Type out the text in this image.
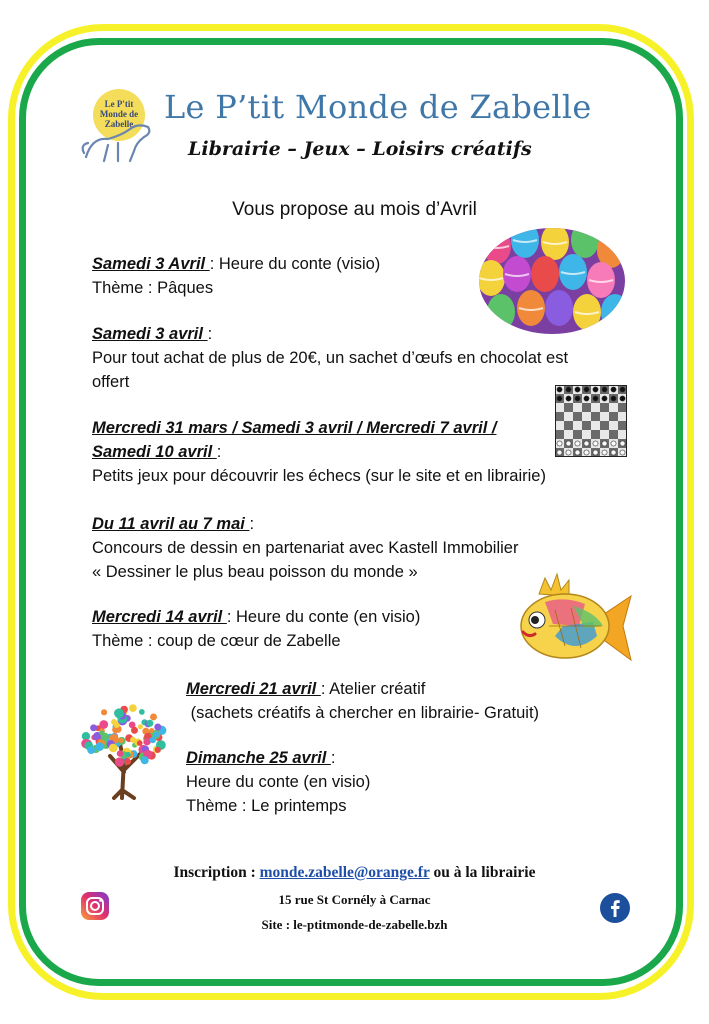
Le P'tit
Monde de
Zabelle Le P’tit Monde de Zabelle
Librairie – Jeux – Loisirs créatifs
Vous propose au mois d’Avril

Samedi 3 Avril : Heure du conte (visio)

Thème : Pâques

Samedi 3 avril :

Pour tout achat de plus de 20€, un sachet d’œufs en chocolat est

offert

Mercredi 31 mars / Samedi 3 avril / Mercredi 7 avril /

Samedi 10 avril :

Petits jeux pour découvrir les échecs (sur le site et en librairie)

Du 11 avril au 7 mai :

Concours de dessin en partenariat avec Kastell Immobilier

« Dessiner le plus beau poisson du monde »

Mercredi 14 avril : Heure du conte (en visio)

Thème : coup de cœur de Zabelle

Mercredi 21 avril : Atelier créatif

(sachets créatifs à chercher en librairie- Gratuit)

Dimanche 25 avril :

Heure du conte (en visio)

Thème : Le printemps

Inscription : monde.zabelle@orange.fr ou à la librairie
15 rue St Cornély à Carnac
Site : le-ptitmonde-de-zabelle.bzh
